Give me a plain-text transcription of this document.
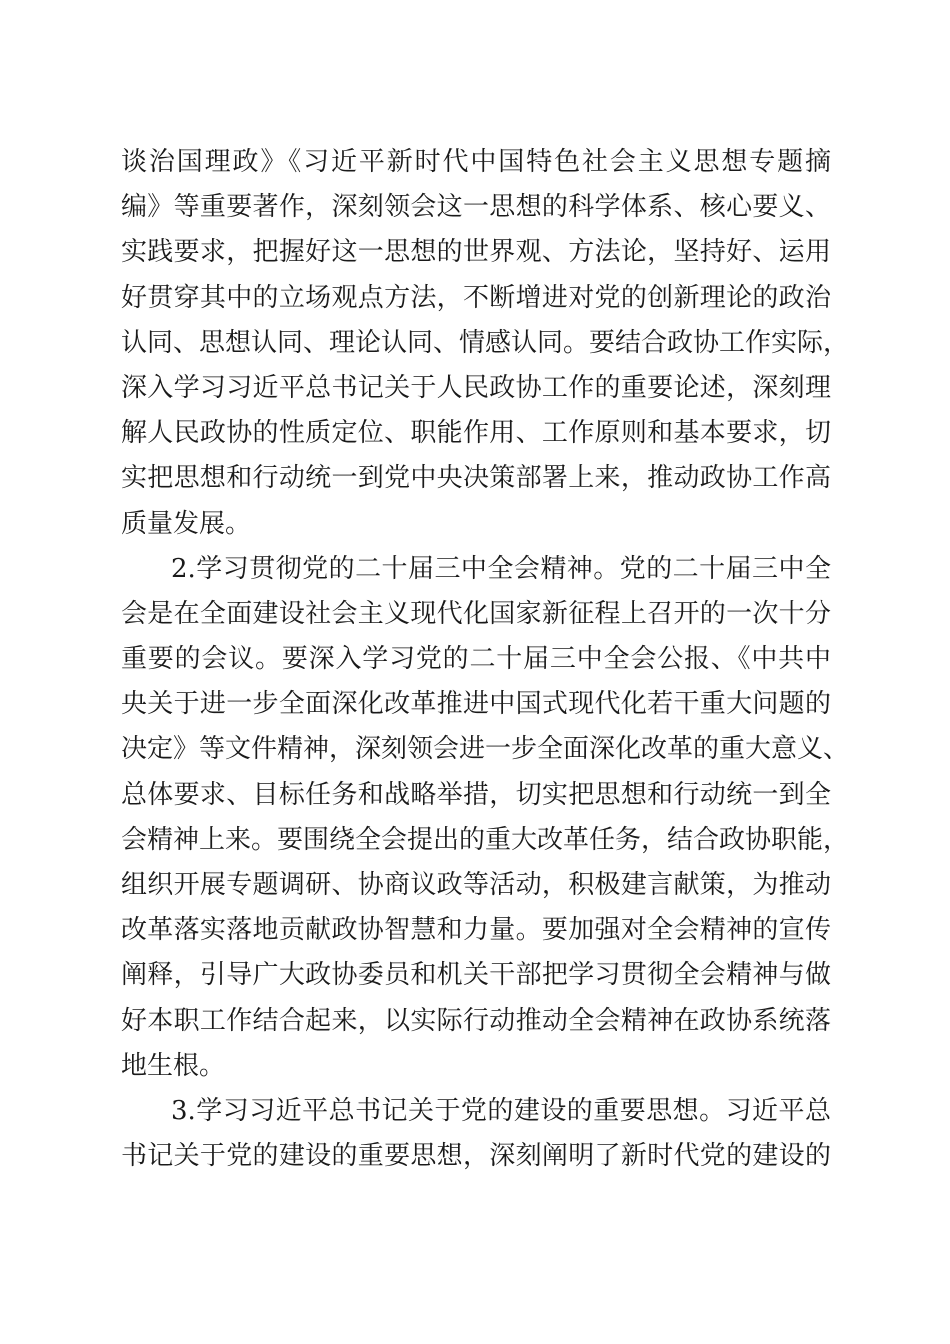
谈治国理政》《习近平新时代中国特色社会主义思想专题摘
编》等重要著作，深刻领会这一思想的科学体系、核心要义、
实践要求，把握好这一思想的世界观、方法论，坚持好、运用
好贯穿其中的立场观点方法，不断增进对党的创新理论的政治
认同、思想认同、理论认同、情感认同。要结合政协工作实际，
深入学习习近平总书记关于人民政协工作的重要论述，深刻理
解人民政协的性质定位、职能作用、工作原则和基本要求，切
实把思想和行动统一到党中央决策部署上来，推动政协工作高
质量发展。
2.学习贯彻党的二十届三中全会精神。党的二十届三中全
会是在全面建设社会主义现代化国家新征程上召开的一次十分
重要的会议。要深入学习党的二十届三中全会公报、《中共中
央关于进一步全面深化改革推进中国式现代化若干重大问题的
决定》等文件精神，深刻领会进一步全面深化改革的重大意义、
总体要求、目标任务和战略举措，切实把思想和行动统一到全
会精神上来。要围绕全会提出的重大改革任务，结合政协职能，
组织开展专题调研、协商议政等活动，积极建言献策，为推动
改革落实落地贡献政协智慧和力量。要加强对全会精神的宣传
阐释，引导广大政协委员和机关干部把学习贯彻全会精神与做
好本职工作结合起来，以实际行动推动全会精神在政协系统落
地生根。
3.学习习近平总书记关于党的建设的重要思想。习近平总
书记关于党的建设的重要思想，深刻阐明了新时代党的建设的
